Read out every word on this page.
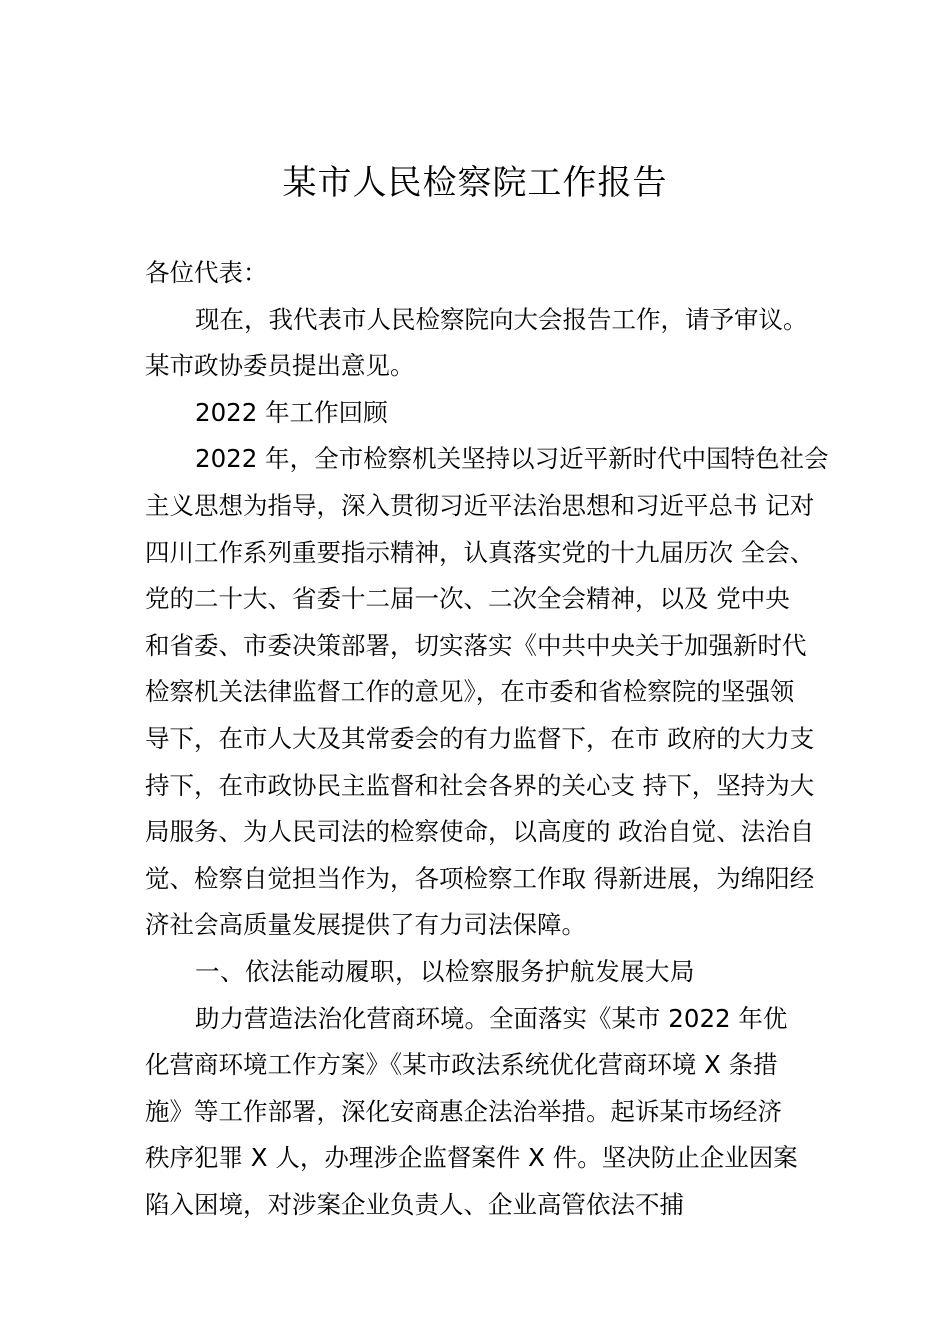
某市人民检察院工作报告
各位代表：
现在，我代表市人民检察院向大会报告工作，请予审议。
某市政协委员提出意见。
2022 年工作回顾
2022 年，全市检察机关坚持以习近平新时代中国特色社会
主义思想为指导，深入贯彻习近平法治思想和习近平总书 记对
四川工作系列重要指示精神，认真落实党的十九届历次 全会、
党的二十大、省委十二届一次、二次全会精神，以及 党中央
和省委、市委决策部署，切实落实《中共中央关于加强新时代
检察机关法律监督工作的意见》，在市委和省检察院的坚强领
导下，在市人大及其常委会的有力监督下，在市 政府的大力支
持下，在市政协民主监督和社会各界的关心支 持下，坚持为大
局服务、为人民司法的检察使命，以高度的 政治自觉、法治自
觉、检察自觉担当作为，各项检察工作取 得新进展，为绵阳经
济社会高质量发展提供了有力司法保障。
一、依法能动履职，以检察服务护航发展大局
助力营造法治化营商环境。全面落实《某市 2022 年优
化营商环境工作方案》《某市政法系统优化营商环境 X 条措
施》等工作部署，深化安商惠企法治举措。起诉某市场经济
秩序犯罪 X 人，办理涉企监督案件 X 件。坚决防止企业因案
陷入困境，对涉案企业负责人、企业高管依法不捕
